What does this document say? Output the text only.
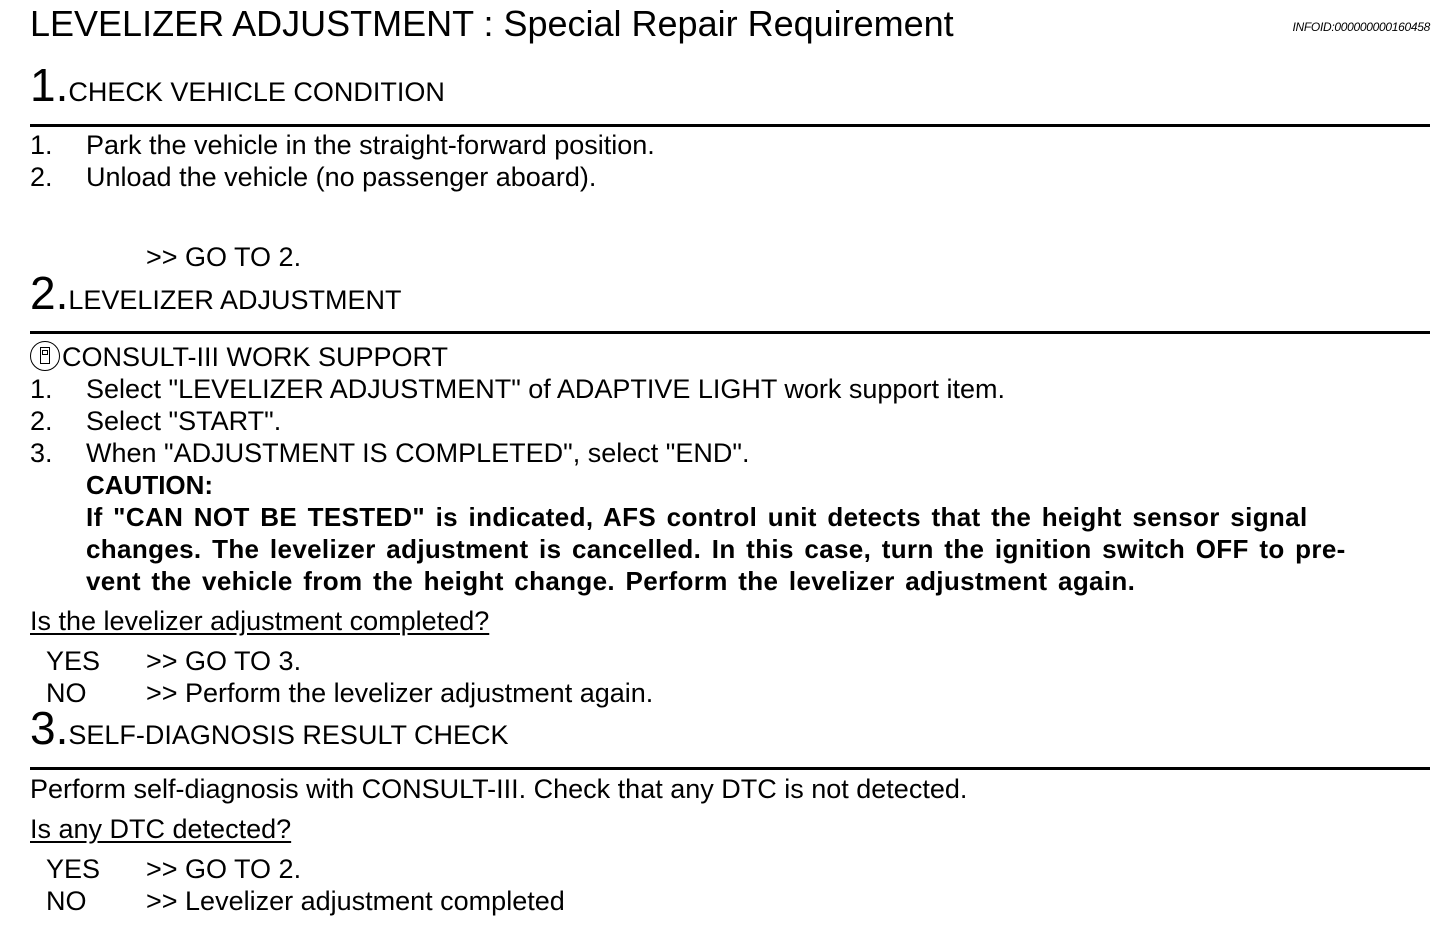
LEVELIZER ADJUSTMENT : Special Repair Requirement	INFOID:000000000160458
1.CHECK VEHICLE CONDITION
1. Park the vehicle in the straight-forward position.
2. Unload the vehicle (no passenger aboard).
>> GO TO 2.
2.LEVELIZER ADJUSTMENT
CONSULT-III WORK SUPPORT
1. Select "LEVELIZER ADJUSTMENT" of ADAPTIVE LIGHT work support item.
2. Select "START".
3. When "ADJUSTMENT IS COMPLETED", select "END".
CAUTION:
If "CAN NOT BE TESTED" is indicated, AFS control unit detects that the height sensor signal
changes. The levelizer adjustment is cancelled. In this case, turn the ignition switch OFF to pre-
vent the vehicle from the height change. Perform the levelizer adjustment again.
Is the levelizer adjustment completed?
YES >> GO TO 3.
NO >> Perform the levelizer adjustment again.
3.SELF-DIAGNOSIS RESULT CHECK
Perform self-diagnosis with CONSULT-III. Check that any DTC is not detected.
Is any DTC detected?
YES >> GO TO 2.
NO >> Levelizer adjustment completed
